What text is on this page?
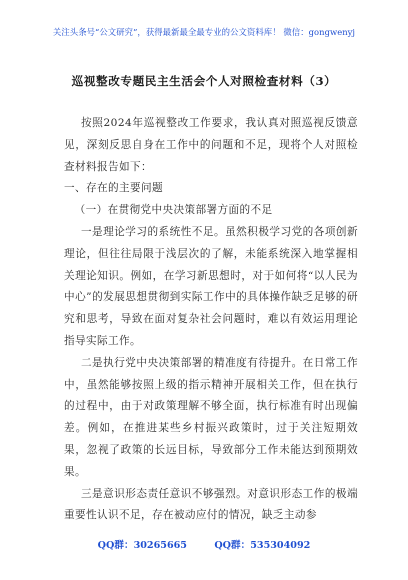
关注头条号“公文研究”，获得最新最全最专业的公文资料库！ 微信：gongwenyj
巡视整改专题民主生活会个人对照检查材料（3）

按照2024年巡视整改工作要求，我认真对照巡视反馈意见，深刻反思自身在工作中的问题和不足，现将个人对照检查材料报告如下：

一、存在的主要问题

（一）在贯彻党中央决策部署方面的不足

一是理论学习的系统性不足。虽然积极学习党的各项创新理论，但往往局限于浅层次的了解，未能系统深入地掌握相关理论知识。例如，在学习新思想时，对于如何将“以人民为中心”的发展思想贯彻到实际工作中的具体操作缺乏足够的研究和思考，导致在面对复杂社会问题时，难以有效运用理论指导实际工作。

二是执行党中央决策部署的精准度有待提升。在日常工作中，虽然能够按照上级的指示精神开展相关工作，但在执行的过程中，由于对政策理解不够全面，执行标准有时出现偏差。例如，在推进某些乡村振兴政策时，过于关注短期效果，忽视了政策的长远目标，导致部分工作未能达到预期效果。

三是意识形态责任意识不够强烈。对意识形态工作的极端重要性认识不足，存在被动应付的情况，缺乏主动参

QQ群：30265665	QQ群：535304092
